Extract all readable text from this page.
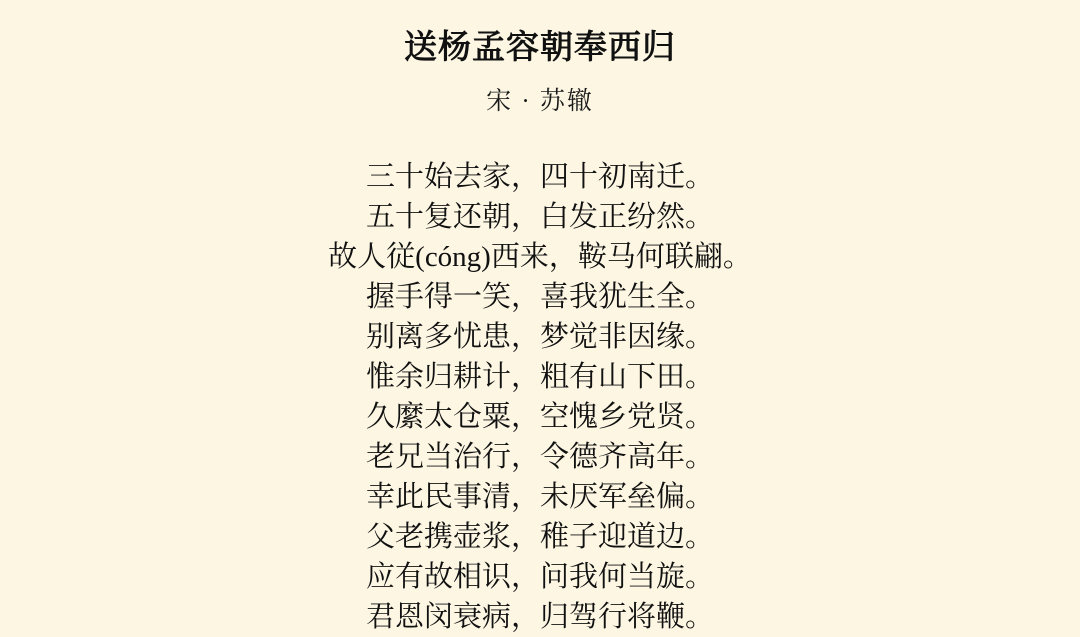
送杨孟容朝奉西归
宋 · 苏辙
三十始去家，四十初南迁。
五十复还朝，白发正纷然。
故人従(cóng)西来，鞍马何联翩。
握手得一笑，喜我犹生全。
别离多忧患，梦觉非因缘。
惟余归耕计，粗有山下田。
久縻太仓粟，空愧乡党贤。
老兄当治行，令德齐高年。
幸此民事清，未厌军垒偏。
父老携壶浆，稚子迎道边。
应有故相识，问我何当旋。
君恩闵衰病，归驾行将鞭。
